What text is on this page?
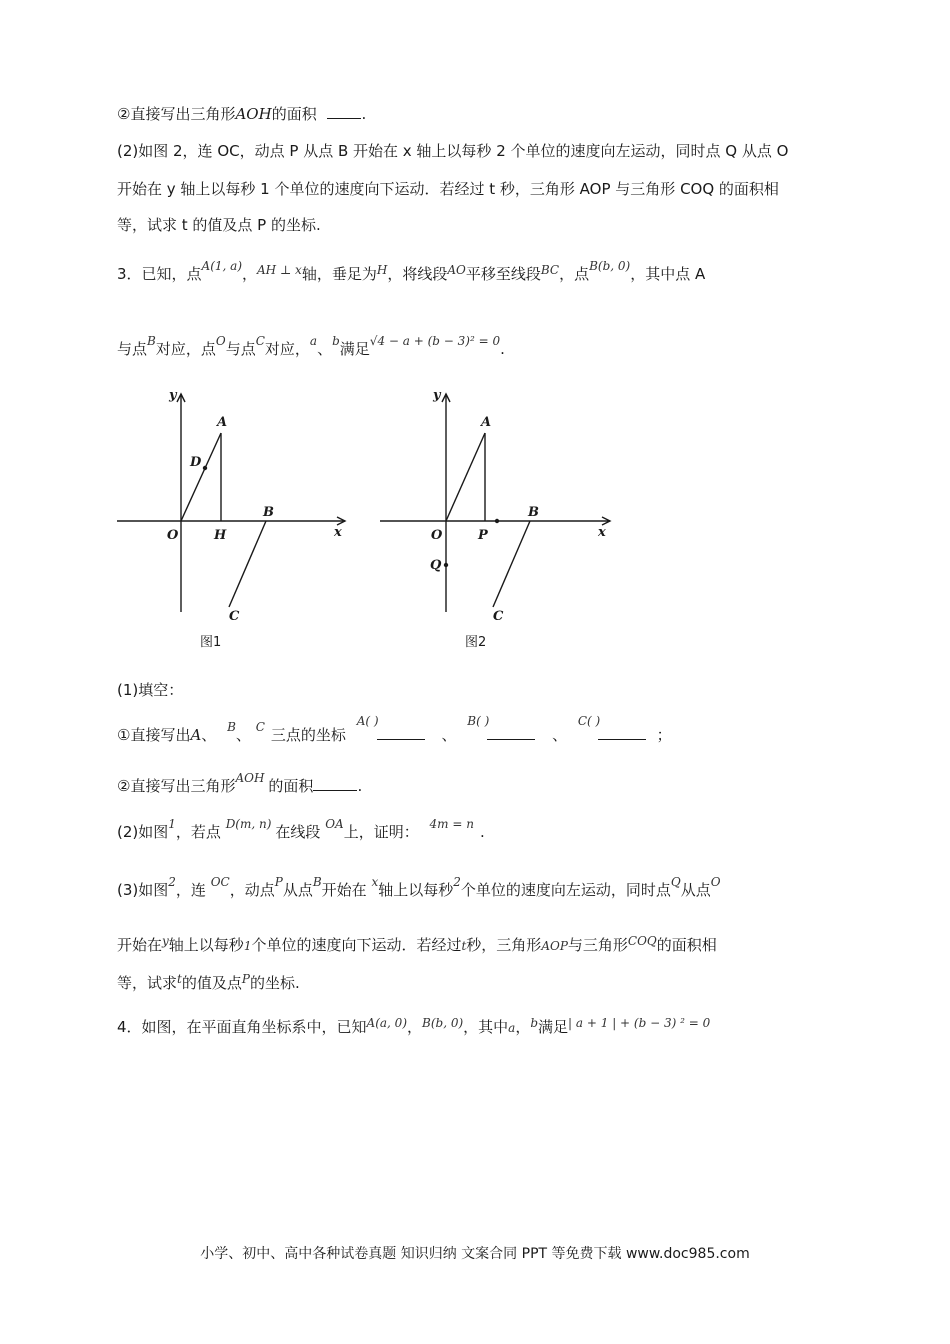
②直接写出三角形AOH的面积	.
(2)如图 2，连 OC，动点 P 从点 B 开始在 x 轴上以每秒 2 个单位的速度向左运动，同时点 Q 从点 O
开始在 y 轴上以每秒 1 个单位的速度向下运动．若经过 t 秒，三角形 AOP 与三角形 COQ 的面积相
等，试求 t 的值及点 P 的坐标.
3．已知，点$^{A(1, a)}$，$^{AH \perp x}$轴，垂足为$^H$，将线段$^{AO}$平移至线段$^{BC}$，点$^{B(b, 0)}$，其中点 A
与点$^B$对应，点$^O$与点$^C$对应，$^a$、$^b$满足$^{√4 - a + (b - 3)^2 = 0}$.
y
A
D
O	H
B
x
C
图1
y
A
O	P
B
x
Q
C
图2
(1)填空：
①直接写出A、 $^B$、 $^C$ 三点的坐标
A( )
、
B( )
、
C( )
；
②直接写出三角形$^{AOH}$ 的面积	.
(2)如图$^1$，若点 $^{D(m, n)}$ 在线段 $^{OA}$上，证明： $^{4m = n}$ .
(3)如图$^2$，连 $^{OC}$，动点$^P$从点$^B$开始在 $^x$轴上以每秒$^2$个单位的速度向左运动，同时点$^Q$从点$^O$
开始在$^y$轴上以每秒1个单位的速度向下运动．若经过t秒，三角形AOP与三角形$^{COQ}$的面积相
等，试求$^t$的值及点$^P$的坐标.
4．如图，在平面直角坐标系中，已知$^{A(a, 0)}$，$^{B(b, 0)}$，其中a，$^b$满足$^{| a + 1 | + (b - 3) ^2 = 0}$
小学、初中、高中各种试卷真题 知识归纳 文案合同 PPT 等免费下载 www.doc985.com
